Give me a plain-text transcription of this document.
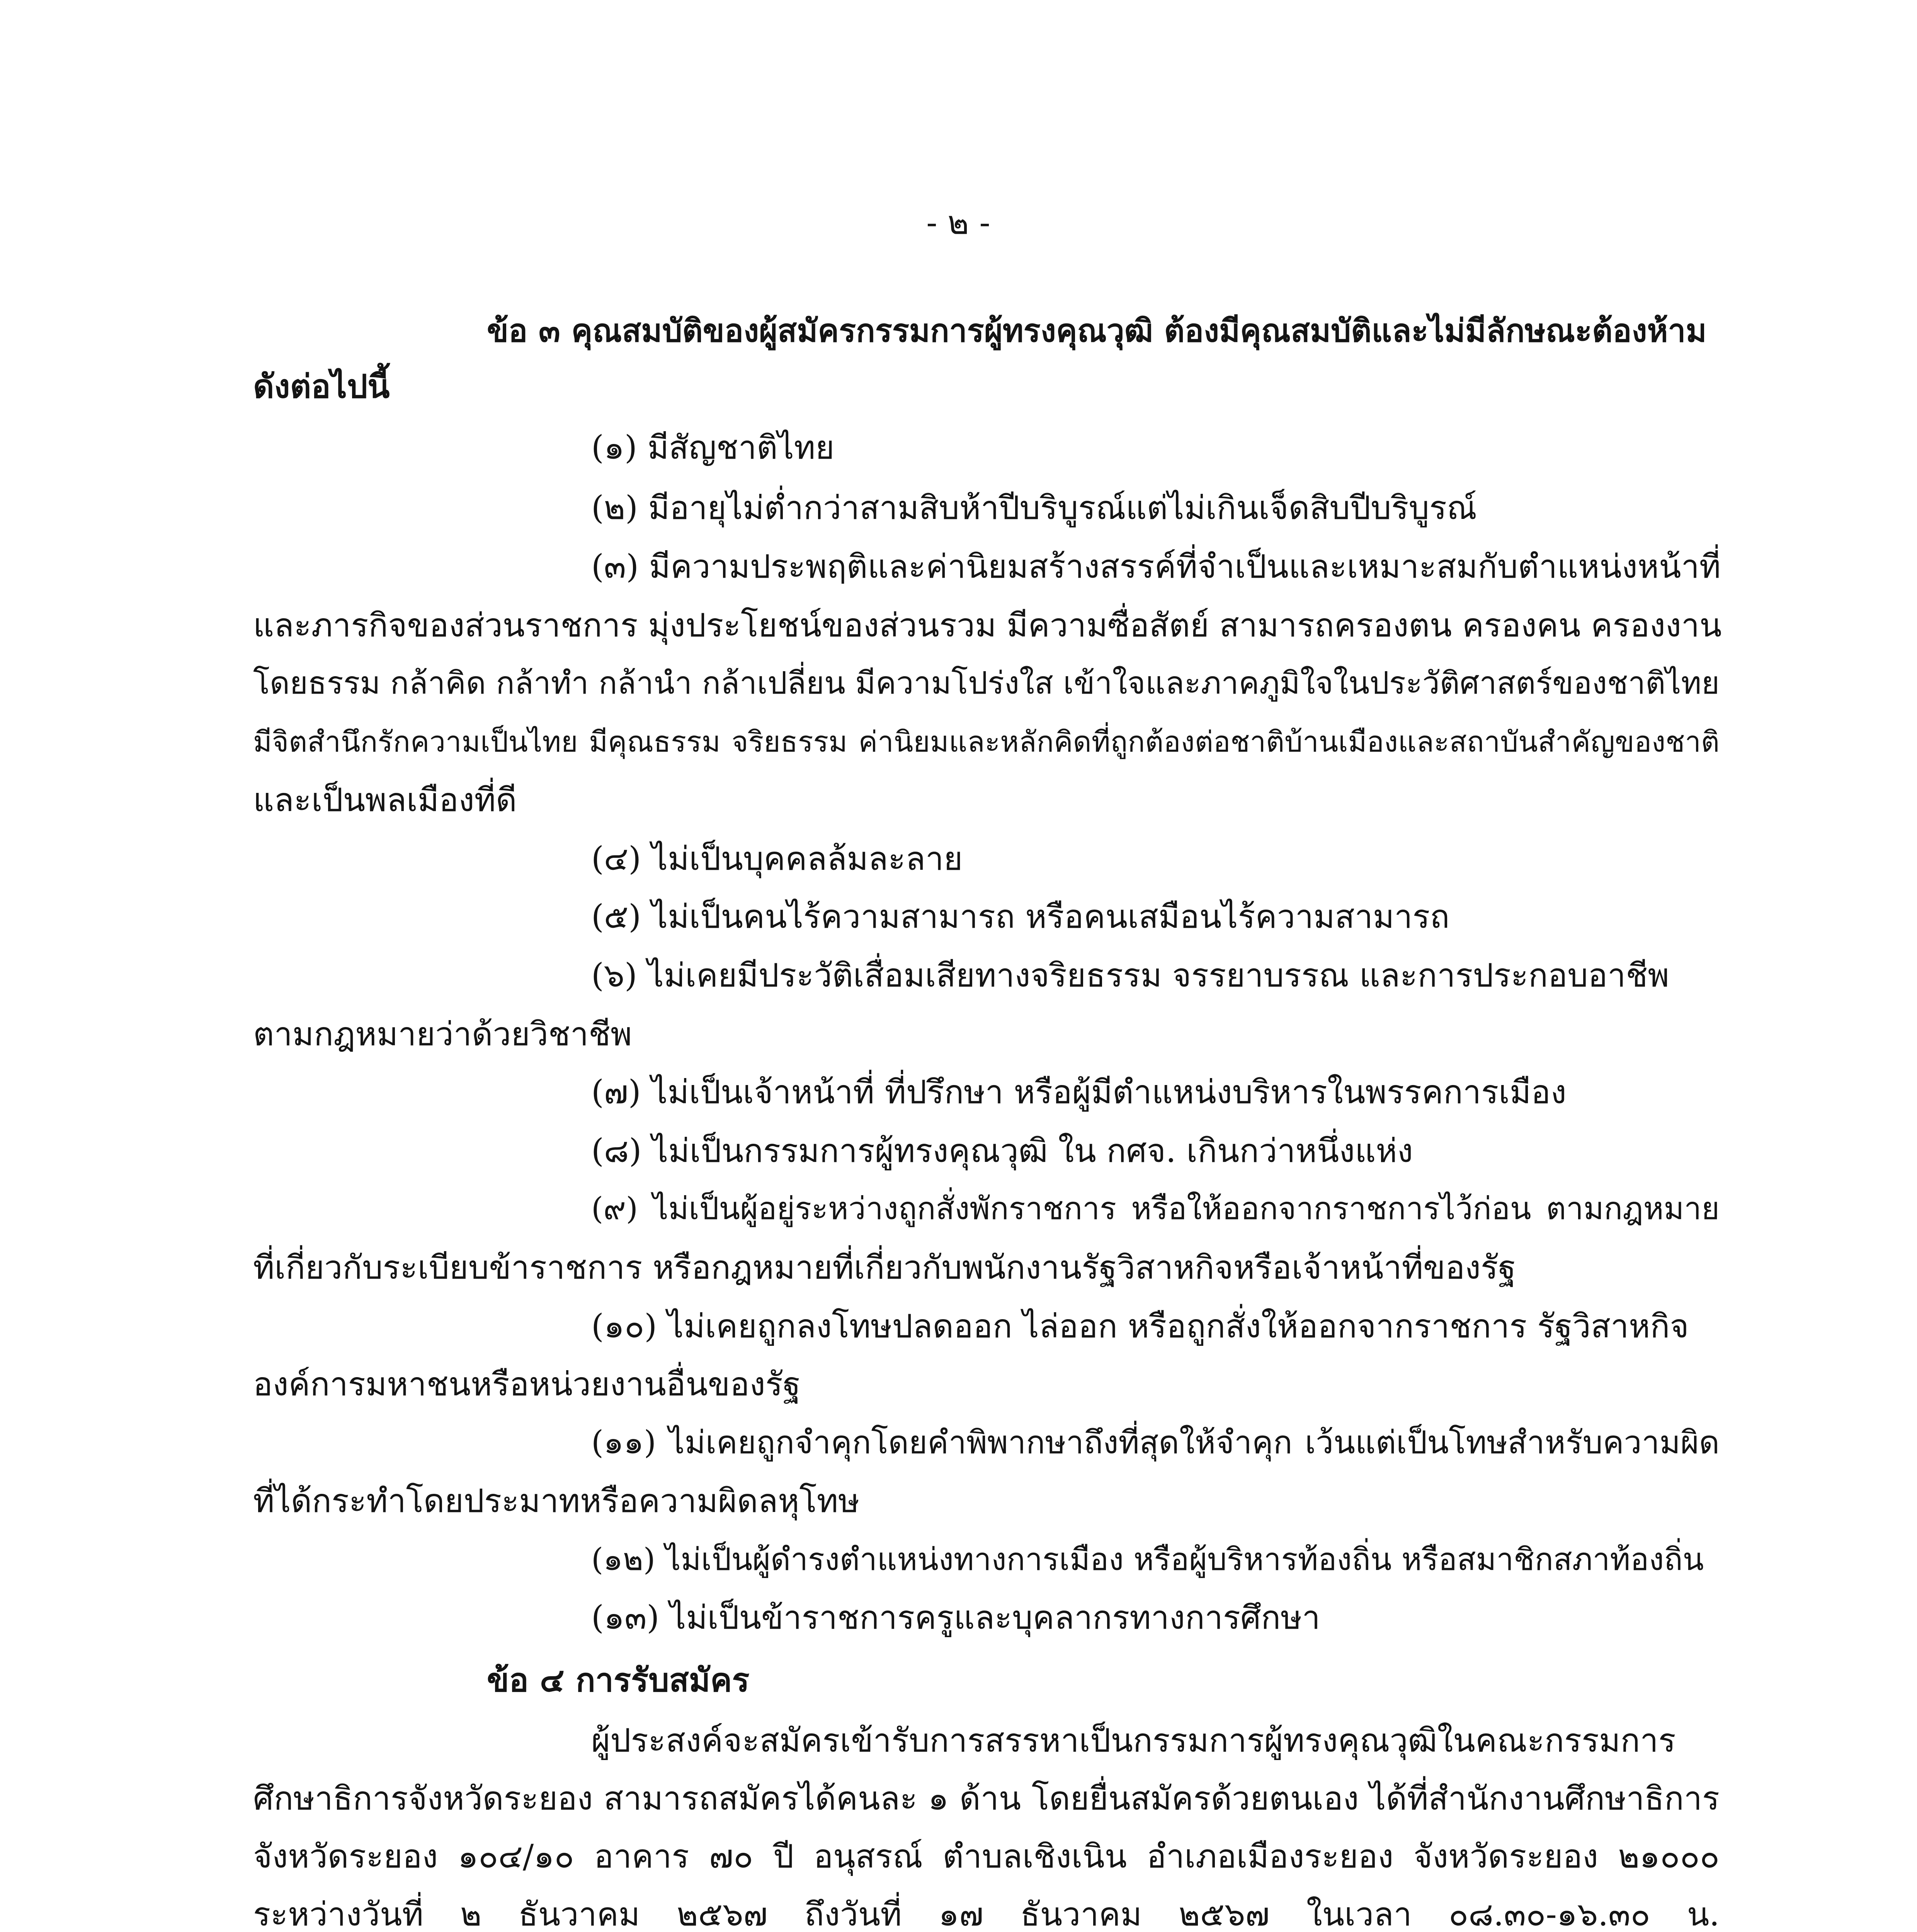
- ๒ -
ข้อ ๓ คุณสมบัติของผู้สมัครกรรมการผู้ทรงคุณวุฒิ ต้องมีคุณสมบัติและไม่มีลักษณะต้องห้าม
ดังต่อไปนี้
(๑) มีสัญชาติไทย
(๒) มีอายุไม่ต่ำกว่าสามสิบห้าปีบริบูรณ์แต่ไม่เกินเจ็ดสิบปีบริบูรณ์
(๓) มีความประพฤติและค่านิยมสร้างสรรค์ที่จำเป็นและเหมาะสมกับตำแหน่งหน้าที่
และภารกิจของส่วนราชการ มุ่งประโยชน์ของส่วนรวม มีความซื่อสัตย์ สามารถครองตน ครองคน ครองงาน
โดยธรรม กล้าคิด กล้าทำ กล้านำ กล้าเปลี่ยน มีความโปร่งใส เข้าใจและภาคภูมิใจในประวัติศาสตร์ของชาติไทย
มีจิตสำนึกรักความเป็นไทย มีคุณธรรม จริยธรรม ค่านิยมและหลักคิดที่ถูกต้องต่อชาติบ้านเมืองและสถาบันสำคัญของชาติ
และเป็นพลเมืองที่ดี
(๔) ไม่เป็นบุคคลล้มละลาย
(๕) ไม่เป็นคนไร้ความสามารถ หรือคนเสมือนไร้ความสามารถ
(๖) ไม่เคยมีประวัติเสื่อมเสียทางจริยธรรม จรรยาบรรณ และการประกอบอาชีพ
ตามกฎหมายว่าด้วยวิชาชีพ
(๗) ไม่เป็นเจ้าหน้าที่ ที่ปรึกษา หรือผู้มีตำแหน่งบริหารในพรรคการเมือง
(๘) ไม่เป็นกรรมการผู้ทรงคุณวุฒิ ใน กศจ. เกินกว่าหนึ่งแห่ง
(๙) ไม่เป็นผู้อยู่ระหว่างถูกสั่งพักราชการ หรือให้ออกจากราชการไว้ก่อน ตามกฎหมาย
ที่เกี่ยวกับระเบียบข้าราชการ หรือกฎหมายที่เกี่ยวกับพนักงานรัฐวิสาหกิจหรือเจ้าหน้าที่ของรัฐ
(๑๐) ไม่เคยถูกลงโทษปลดออก ไล่ออก หรือถูกสั่งให้ออกจากราชการ รัฐวิสาหกิจ
องค์การมหาชนหรือหน่วยงานอื่นของรัฐ
(๑๑) ไม่เคยถูกจำคุกโดยคำพิพากษาถึงที่สุดให้จำคุก เว้นแต่เป็นโทษสำหรับความผิด
ที่ได้กระทำโดยประมาทหรือความผิดลหุโทษ
(๑๒) ไม่เป็นผู้ดำรงตำแหน่งทางการเมือง หรือผู้บริหารท้องถิ่น หรือสมาชิกสภาท้องถิ่น
(๑๓) ไม่เป็นข้าราชการครูและบุคลากรทางการศึกษา
ข้อ ๔ การรับสมัคร
ผู้ประสงค์จะสมัครเข้ารับการสรรหาเป็นกรรมการผู้ทรงคุณวุฒิในคณะกรรมการ
ศึกษาธิการจังหวัดระยอง สามารถสมัครได้คนละ ๑ ด้าน โดยยื่นสมัครด้วยตนเอง ได้ที่สำนักงานศึกษาธิการ
จังหวัดระยอง ๑๐๔/๑๐ อาคาร ๗๐ ปี อนุสรณ์ ตำบลเชิงเนิน อำเภอเมืองระยอง จังหวัดระยอง ๒๑๐๐๐
ระหว่างวันที่ ๒ ธันวาคม ๒๕๖๗ ถึงวันที่ ๑๗ ธันวาคม ๒๕๖๗ ในเวลา ๐๘.๓๐-๑๖.๓๐ น.
